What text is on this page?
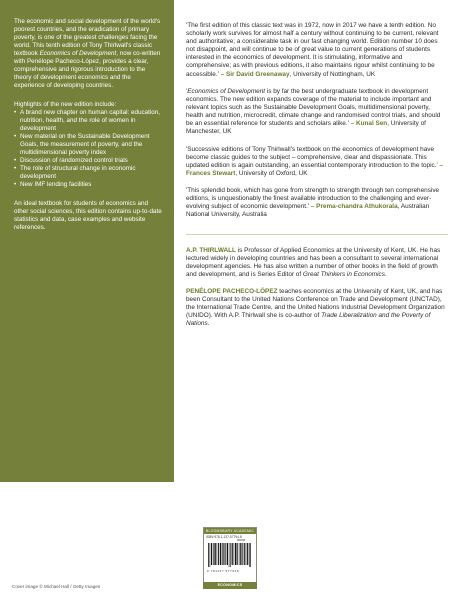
The economic and social development of the world's poorest countries, and the eradication of primary poverty, is one of the greatest challenges facing the world. This tenth edition of Tony Thirlwall's classic textbook Economics of Development, now co-written with Penélope Pacheco-López, provides a clear, comprehensive and rigorous introduction to the theory of development economics and the experience of developing countries.

Highlights of the new edition include:
• A brand new chapter on human capital: education, nutrition, health, and the role of women in development
• New material on the Sustainable Development Goals, the measurement of poverty, and the multidimensional poverty index
• Discussion of randomized control trials
• The role of structural change in economic development
• New IMF lending facilities

An ideal textbook for students of economics and other social sciences, this edition contains up-to-date statistics and data, case examples and website references.

Cover image © Michael Hall / Getty Images

'The first edition of this classic text was in 1972, now in 2017 we have a tenth edition. No scholarly work survives for almost half a century without continuing to be current, relevant and authoritative; a considerable task in our fast changing world. Edition number 10 does not disappoint, and will continue to be of great value to current generations of students interested in the economics of development. It is stimulating, informative and comprehensive; as with previous editions, it also maintains rigour whilst continuing to be accessible.' – Sir David Greenaway, University of Nottingham, UK

'Economics of Development is by far the best undergraduate textbook in development economics. The new edition expands coverage of the material to include important and relevant topics such as the Sustainable Development Goals, multidimensional poverty, health and nutrition, microcredit, climate change and randomised control trials, and should be an essential reference for students and scholars alike.' – Kunal Sen, University of Manchester, UK

'Successive editions of Tony Thirlwall's textbook on the economics of development have become classic guides to the subject – comprehensive, clear and dispassionate. This updated edition is again outstanding, an essential contemporary introduction to the topic.' – Frances Stewart, University of Oxford, UK

'This splendid book, which has gone from strength to strength through ten comprehensive editions, is unquestionably the finest available introduction to the challenging and ever-evolving subject of economic development.' – Prema-chandra Athukorala, Australian National University, Australia

A.P. THIRLWALL is Professor of Applied Economics at the University of Kent, UK. He has lectured widely in developing countries and has been a consultant to several international development agencies. He has also written a number of other books in the field of growth and development, and is Series Editor of Great Thinkers in Economics.

PENÉLOPE PACHECO-LÓPEZ teaches economics at the University of Kent, UK, and has been Consultant to the United Nations Conference on Trade and Development (UNCTAD), the International Trade Centre, and the United Nations Industrial Development Organization (UNIDO). With A.P. Thirlwall she is co-author of Trade Liberalization and the Poverty of Nations.

BLOOMSBURY ACADEMIC
ISBN 978-1-137-57794-8
90000
9 781137 577948
ECONOMICS
